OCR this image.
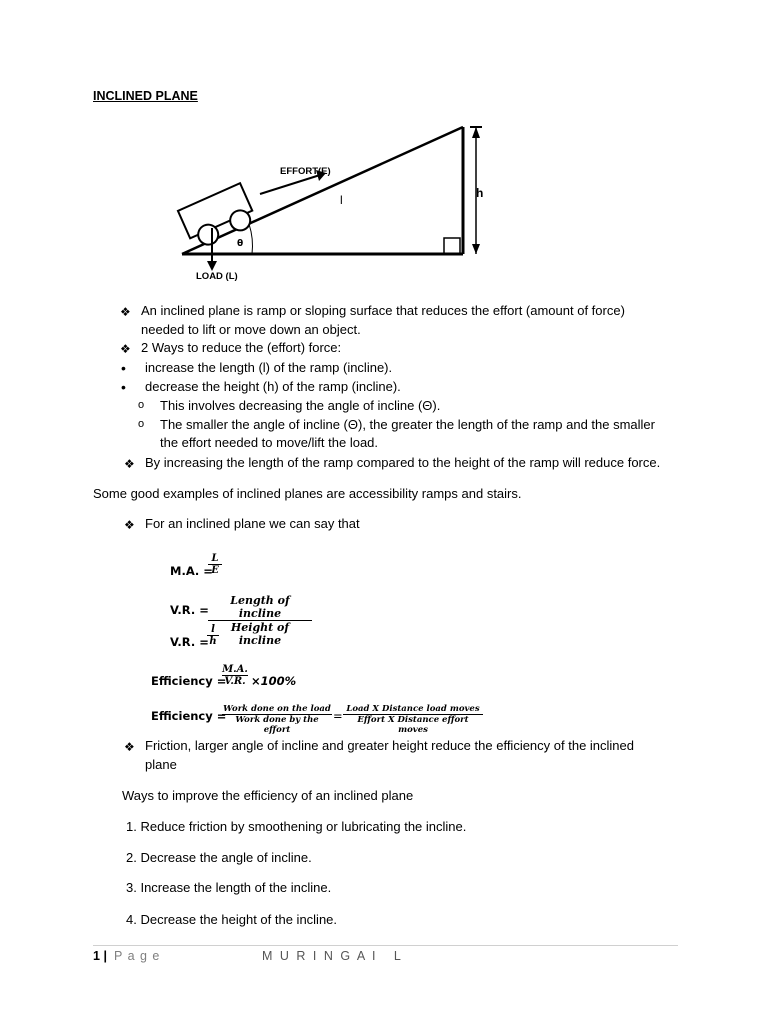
INCLINED PLANE
EFFORT(E)
l	h
θ
LOAD (L)
❖ An inclined plane is ramp or sloping surface that reduces the effort (amount of force)
needed to lift or move down an object.
❖ 2 Ways to reduce the (effort) force:
• increase the length (l) of the ramp (incline).
• decrease the height (h) of the ramp (incline).
o This involves decreasing the angle of incline (Θ).
o The smaller the angle of incline (Θ), the greater the length of the ramp and the smaller
the effort needed to move/lift the load.
❖ By increasing the length of the ramp compared to the height of the ramp will reduce force.
Some good examples of inclined planes are accessibility ramps and stairs.
❖ For an inclined plane we can say that
M.A. =
L
E
V.R. =
Length of incline
Height of incline
V.R. =
l
h
Efficiency =
M.A.
V.R. ×100%
Efficiency =
Work done on the load
Work done by the effort
= Load X Distance load moves
Effort X Distance effort moves
❖ Friction, larger angle of incline and greater height reduce the efficiency of the inclined
plane
Ways to improve the efficiency of an inclined plane
1. Reduce friction by smoothening or lubricating the incline.
2. Decrease the angle of incline.
3. Increase the length of the incline.
4. Decrease the height of the incline.
1 | P a g e	M U R I N G A I   L
